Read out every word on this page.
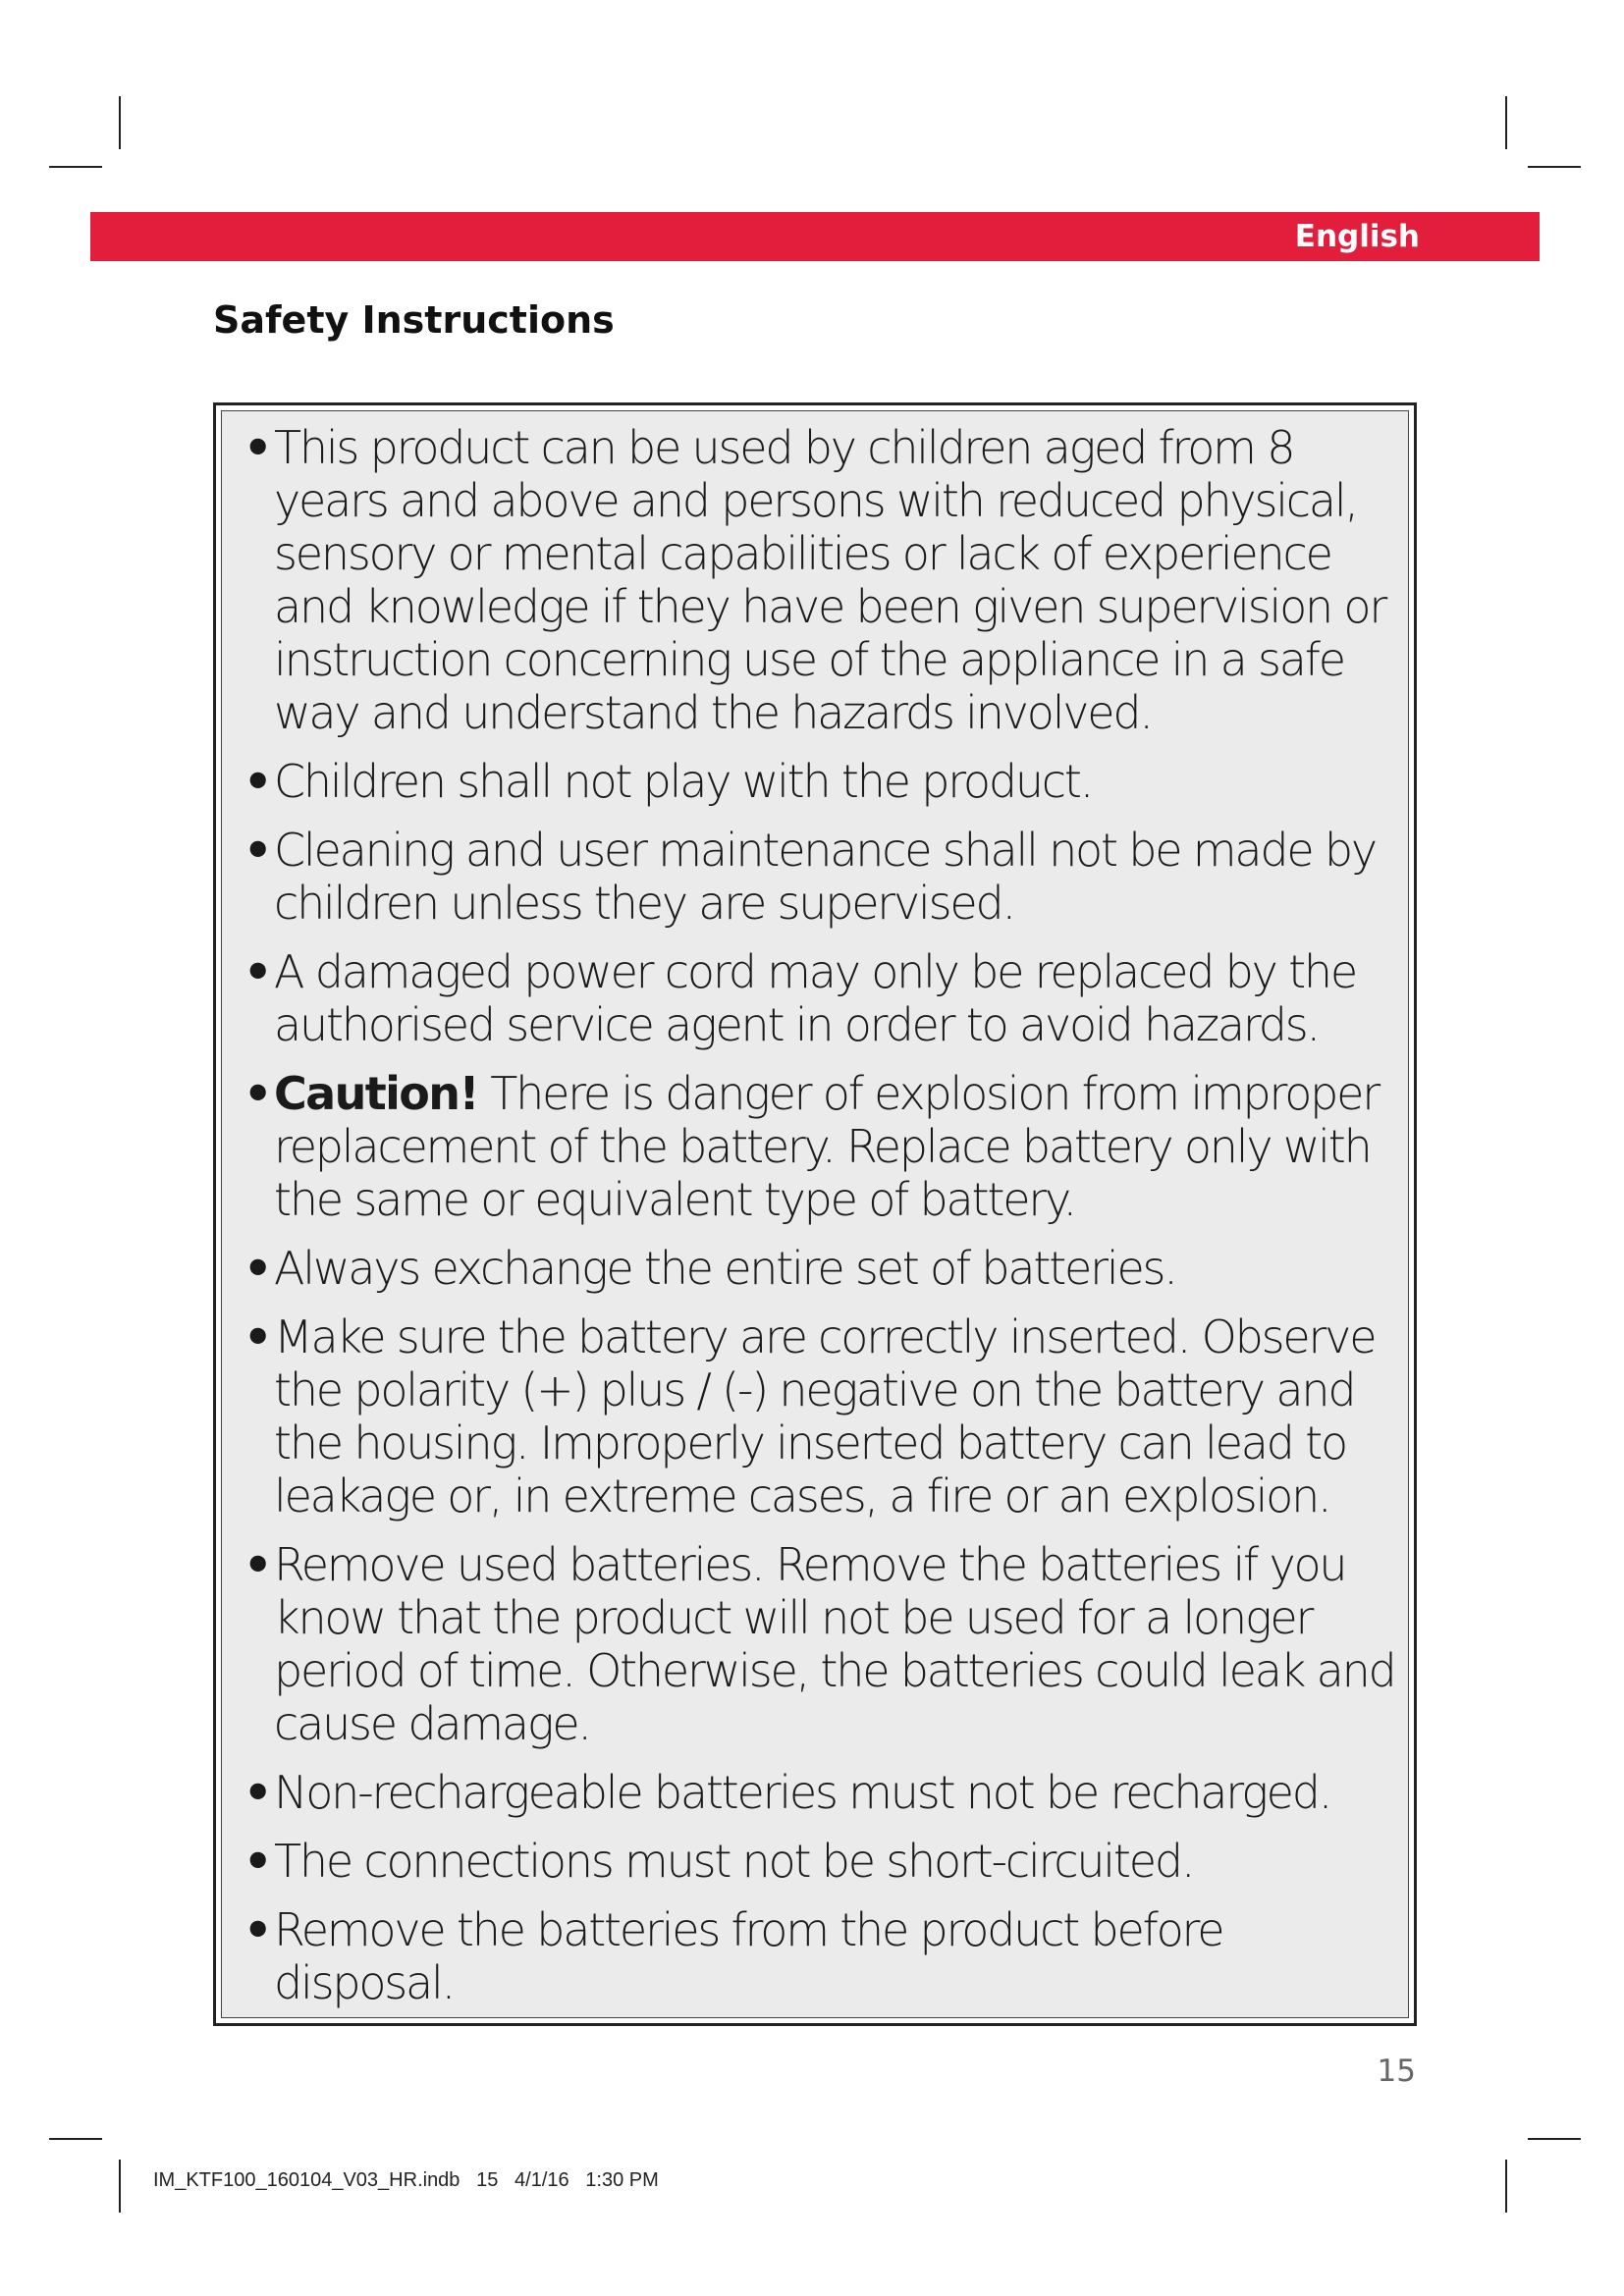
English
Safety Instructions
• This product can be used by children aged from 8 years and above and persons with reduced physical, sensory or mental capabilities or lack of experience and knowledge if they have been given supervision or instruction concerning use of the appliance in a safe way and understand the hazards involved.
• Children shall not play with the product.
• Cleaning and user maintenance shall not be made by children unless they are supervised.
• A damaged power cord may only be replaced by the authorised service agent in order to avoid hazards.
• Caution! There is danger of explosion from improper replacement of the battery. Replace battery only with the same or equivalent type of battery.
• Always exchange the entire set of batteries.
• Make sure the battery are correctly inserted. Observe the polarity (+) plus / (-) negative on the battery and the housing. Improperly inserted battery can lead to leakage or, in extreme cases, a fire or an explosion.
• Remove used batteries. Remove the batteries if you know that the product will not be used for a longer period of time. Otherwise, the batteries could leak and cause damage.
• Non-rechargeable batteries must not be recharged.
• The connections must not be short-circuited.
• Remove the batteries from the product before disposal.
15
IM_KTF100_160104_V03_HR.indb   15   4/1/16   1:30 PM
